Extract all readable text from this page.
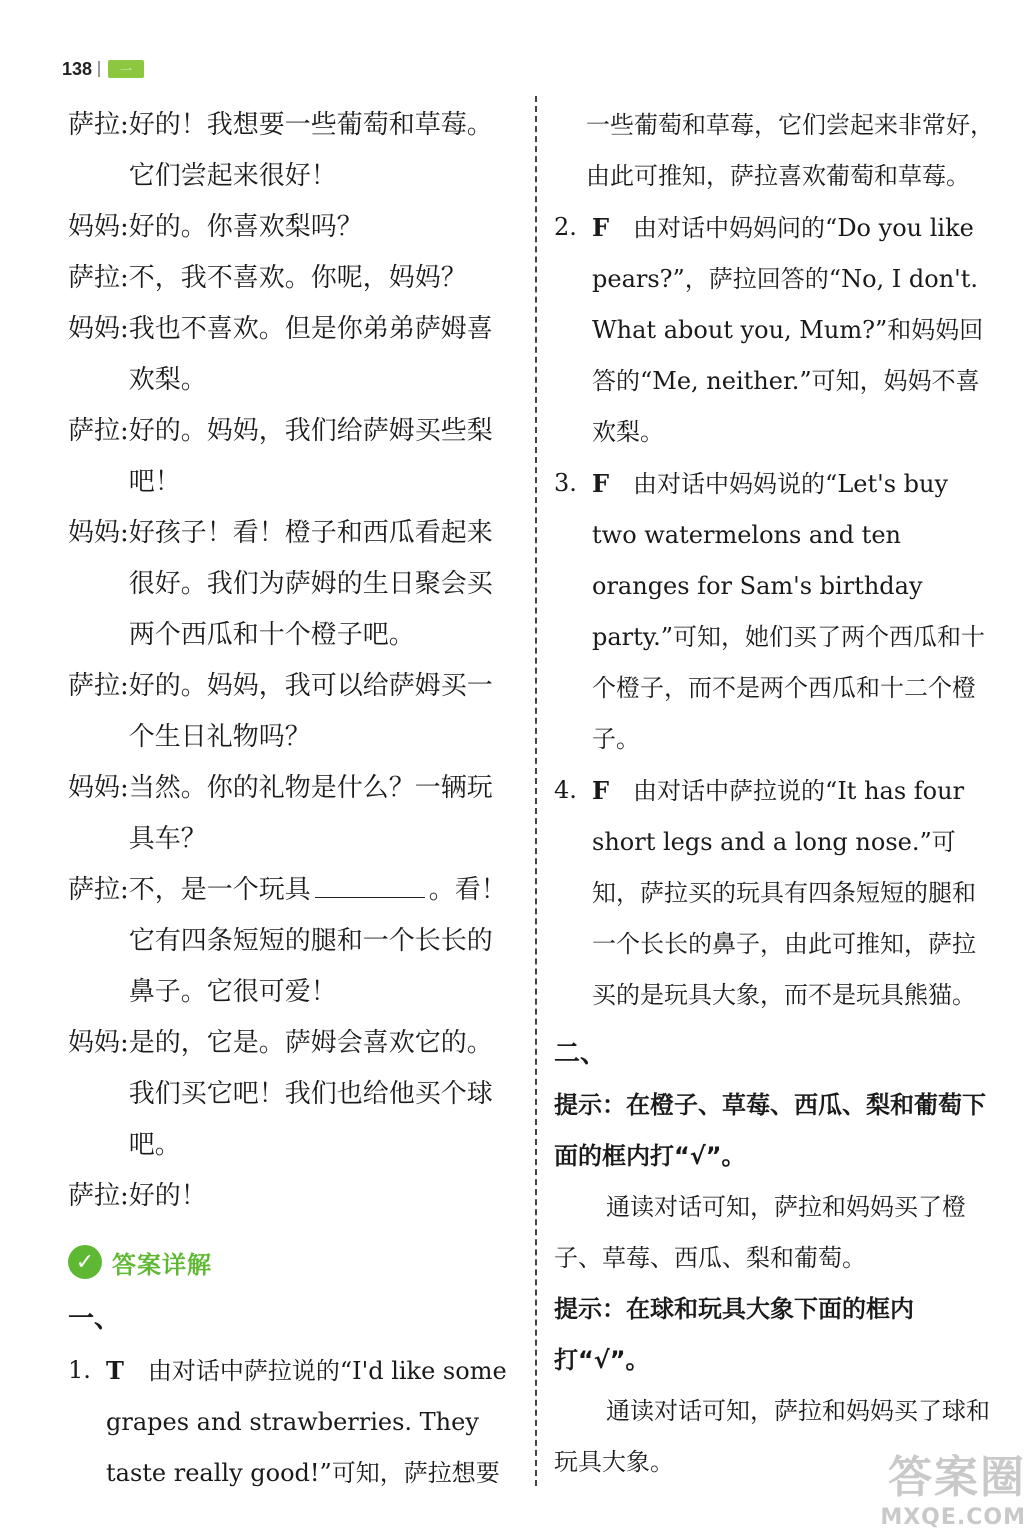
138	一
萨拉: 好的！我想要一些葡萄和草莓。它们尝起来很好！
妈妈: 好的。你喜欢梨吗？
萨拉: 不，我不喜欢。你呢，妈妈？
妈妈: 我也不喜欢。但是你弟弟萨姆喜欢梨。
萨拉: 好的。妈妈，我们给萨姆买些梨吧！
妈妈: 好孩子！看！橙子和西瓜看起来很好。我们为萨姆的生日聚会买两个西瓜和十个橙子吧。
萨拉: 好的。妈妈，我可以给萨姆买一个生日礼物吗？
妈妈: 当然。你的礼物是什么？一辆玩具车？
萨拉: 不，是一个玩具	。看！它有四条短短的腿和一个长长的鼻子。它很可爱！
妈妈: 是的，它是。萨姆会喜欢它的。我们买它吧！我们也给他买个球吧。
萨拉: 好的！
✓ 答案详解
一、
1. T 由对话中萨拉说的“I'd like some grapes and strawberries. They taste really good!”可知，萨拉想要
一些葡萄和草莓，它们尝起来非常好，由此可推知，萨拉喜欢葡萄和草莓。
2. F 由对话中妈妈问的“Do you like pears?”，萨拉回答的“No, I don't. What about you, Mum?”和妈妈回答的“Me, neither.”可知，妈妈不喜欢梨。
3. F 由对话中妈妈说的“Let's buy two watermelons and ten oranges for Sam's birthday party.”可知，她们买了两个西瓜和十个橙子，而不是两个西瓜和十二个橙子。
4. F 由对话中萨拉说的“It has four short legs and a long nose.”可知，萨拉买的玩具有四条短短的腿和一个长长的鼻子，由此可推知，萨拉买的是玩具大象，而不是玩具熊猫。
二、
提示：在橙子、草莓、西瓜、梨和葡萄下面的框内打“√”。
通读对话可知，萨拉和妈妈买了橙子、草莓、西瓜、梨和葡萄。
提示：在球和玩具大象下面的框内打“√”。
通读对话可知，萨拉和妈妈买了球和玩具大象。	答案圈
MXQE.COM
